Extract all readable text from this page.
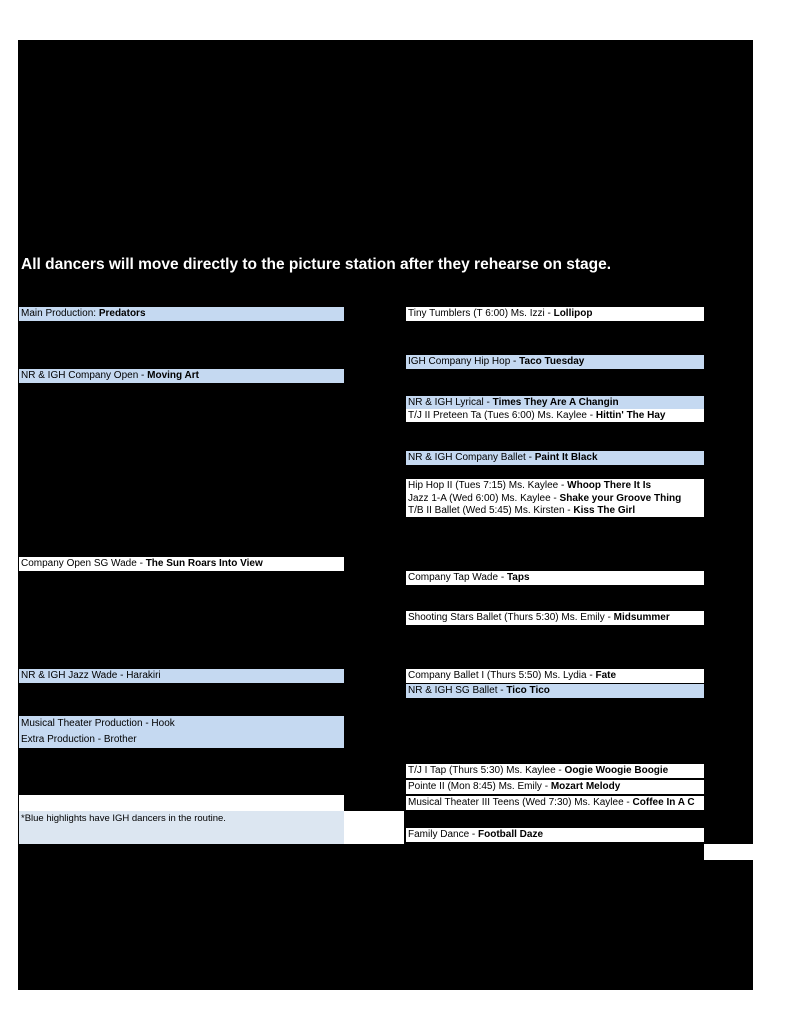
All dancers will move directly to the picture station after they rehearse on stage.
Main Production: Predators
NR & IGH Company Open - Moving Art
Company Open SG Wade - The Sun Roars Into View
NR & IGH Jazz Wade - Harakiri
Musical Theater Production - Hook
Extra Production - Brother
*Blue highlights have IGH dancers in the routine.
Tiny Tumblers (T 6:00) Ms. Izzi - Lollipop
IGH Company Hip Hop - Taco Tuesday
NR & IGH Lyrical - Times They Are A Changin
T/J II Preteen Ta (Tues 6:00) Ms. Kaylee - Hittin' The Hay
NR & IGH Company Ballet - Paint It Black
Hip Hop II (Tues 7:15) Ms. Kaylee - Whoop There It Is
Jazz 1-A (Wed 6:00) Ms. Kaylee - Shake your Groove Thing
T/B II Ballet (Wed 5:45) Ms. Kirsten - Kiss The Girl
Company Tap Wade - Taps
Shooting Stars Ballet (Thurs 5:30) Ms. Emily - Midsummer
Company Ballet I (Thurs 5:50) Ms. Lydia - Fate
NR & IGH SG Ballet - Tico Tico
T/J I Tap (Thurs 5:30) Ms. Kaylee - Oogie Woogie Boogie
Pointe II (Mon 8:45) Ms. Emily - Mozart Melody
Musical Theater III Teens (Wed 7:30) Ms. Kaylee - Coffee In A C
Family Dance - Football Daze
